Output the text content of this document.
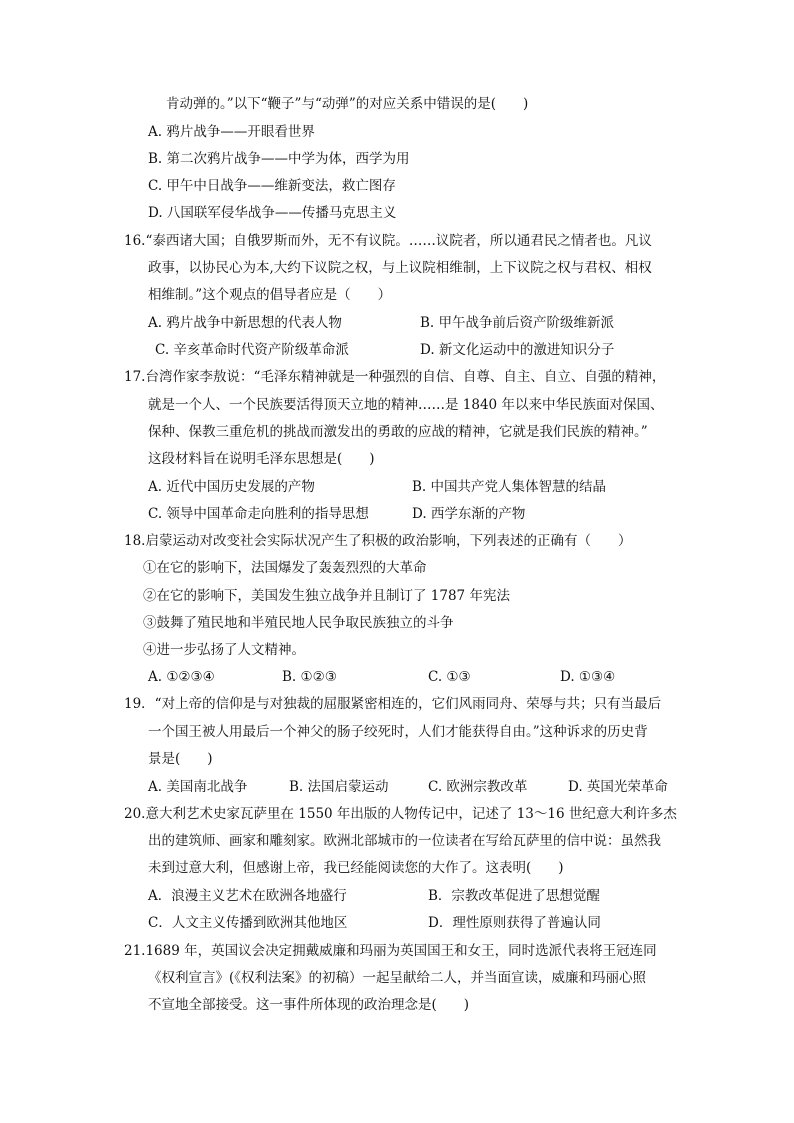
肯动弹的。”以下“鞭子”与“动弹”的对应关系中错误的是(　　)
A. 鸦片战争——开眼看世界
B. 第二次鸦片战争——中学为体，西学为用
C. 甲午中日战争——维新变法，救亡图存
D. 八国联军侵华战争——传播马克思主义
16.“泰西诸大国；自俄罗斯而外，无不有议院。……议院者，所以通君民之情者也。凡议
政事，以协民心为本,大约下议院之权，与上议院相维制，上下议院之权与君权、相权
相维制。”这个观点的倡导者应是（　　）
A. 鸦片战争中新思想的代表人物	B. 甲午战争前后资产阶级维新派
C. 辛亥革命时代资产阶级革命派	D. 新文化运动中的激进知识分子
17.台湾作家李敖说：“毛泽东精神就是一种强烈的自信、自尊、自主、自立、自强的精神，
就是一个人、一个民族要活得顶天立地的精神……是 1840 年以来中华民族面对保国、
保种、保教三重危机的挑战而激发出的勇敢的应战的精神，它就是我们民族的精神。”
这段材料旨在说明毛泽东思想是(　　)
A. 近代中国历史发展的产物	B. 中国共产党人集体智慧的结晶
C. 领导中国革命走向胜利的指导思想	D. 西学东渐的产物
18.启蒙运动对改变社会实际状况产生了积极的政治影响，下列表述的正确有（　　）
①在它的影响下，法国爆发了轰轰烈烈的大革命
②在它的影响下，美国发生独立战争并且制订了 1787 年宪法
③鼓舞了殖民地和半殖民地人民争取民族独立的斗争
④进一步弘扬了人文精神。
A. ①②③④	B. ①②③	C. ①③	D. ①③④
19．“对上帝的信仰是与对独裁的屈服紧密相连的，它们风雨同舟、荣辱与共；只有当最后
一个国王被人用最后一个神父的肠子绞死时，人们才能获得自由。”这种诉求的历史背
景是(　　)
A. 美国南北战争	B. 法国启蒙运动	C. 欧洲宗教改革	D. 英国光荣革命
20.意大利艺术史家瓦萨里在 1550 年出版的人物传记中，记述了 13～16 世纪意大利许多杰
出的建筑师、画家和雕刻家。欧洲北部城市的一位读者在写给瓦萨里的信中说：虽然我
未到过意大利，但感谢上帝，我已经能阅读您的大作了。这表明(　　)
A．浪漫主义艺术在欧洲各地盛行	B．宗教改革促进了思想觉醒
C．人文主义传播到欧洲其他地区	D．理性原则获得了普遍认同
21.1689 年，英国议会决定拥戴威廉和玛丽为英国国王和女王，同时选派代表将王冠连同
《权利宣言》(《权利法案》的初稿）一起呈献给二人，并当面宣读，威廉和玛丽心照
不宣地全部接受。这一事件所体现的政治理念是(　　)
